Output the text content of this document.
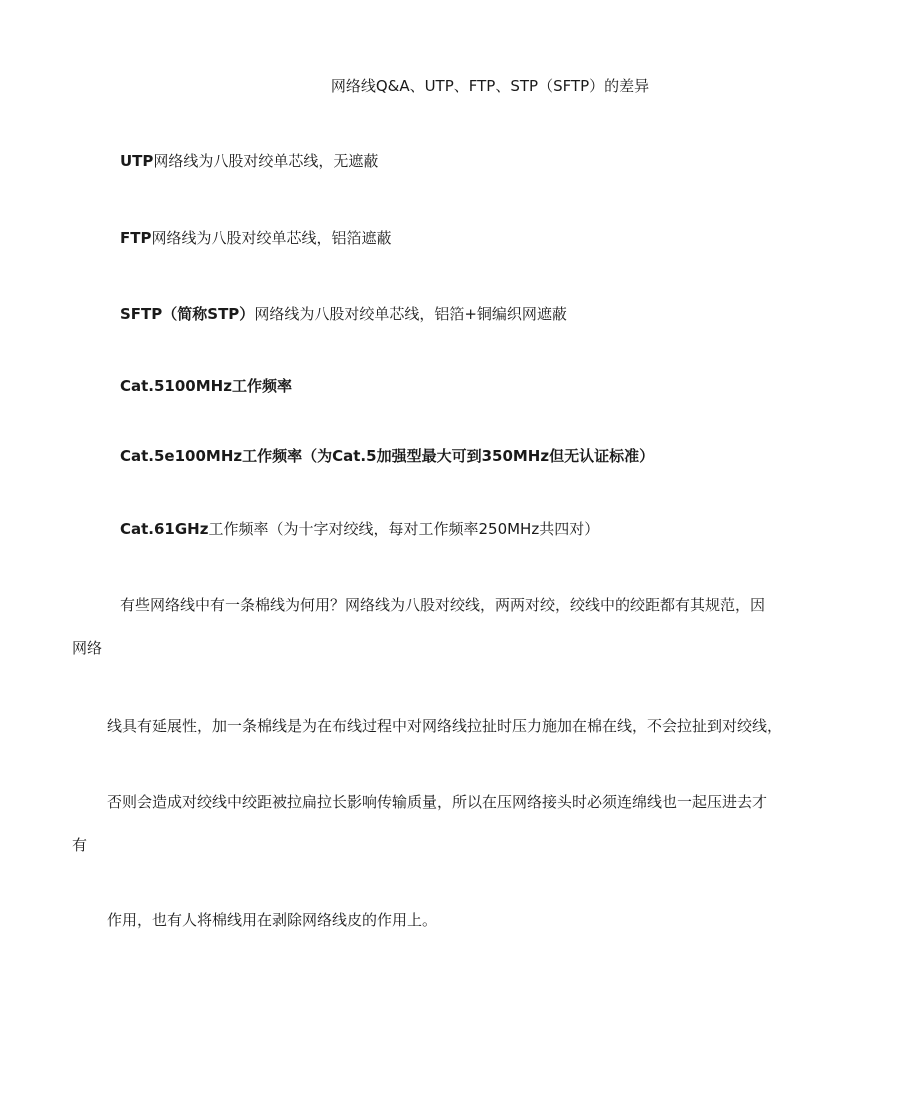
网络线Q&A、UTP、FTP、STP（SFTP）的差异
UTP网络线为八股对绞单芯线，无遮蔽
FTP网络线为八股对绞单芯线，铝箔遮蔽
SFTP（简称STP）网络线为八股对绞单芯线，铝箔+铜编织网遮蔽
Cat.5100MHz工作频率
Cat.5e100MHz工作频率（为Cat.5加强型最大可到350MHz但无认证标准）
Cat.61GHz工作频率（为十字对绞线，每对工作频率250MHz共四对）
有些网络线中有一条棉线为何用？网络线为八股对绞线，两两对绞，绞线中的绞距都有其规范，因
网络
线具有延展性，加一条棉线是为在布线过程中对网络线拉扯时压力施加在棉在线，不会拉扯到对绞线，
否则会造成对绞线中绞距被拉扁拉长影响传输质量，所以在压网络接头时必须连绵线也一起压进去才
有
作用，也有人将棉线用在剥除网络线皮的作用上。
